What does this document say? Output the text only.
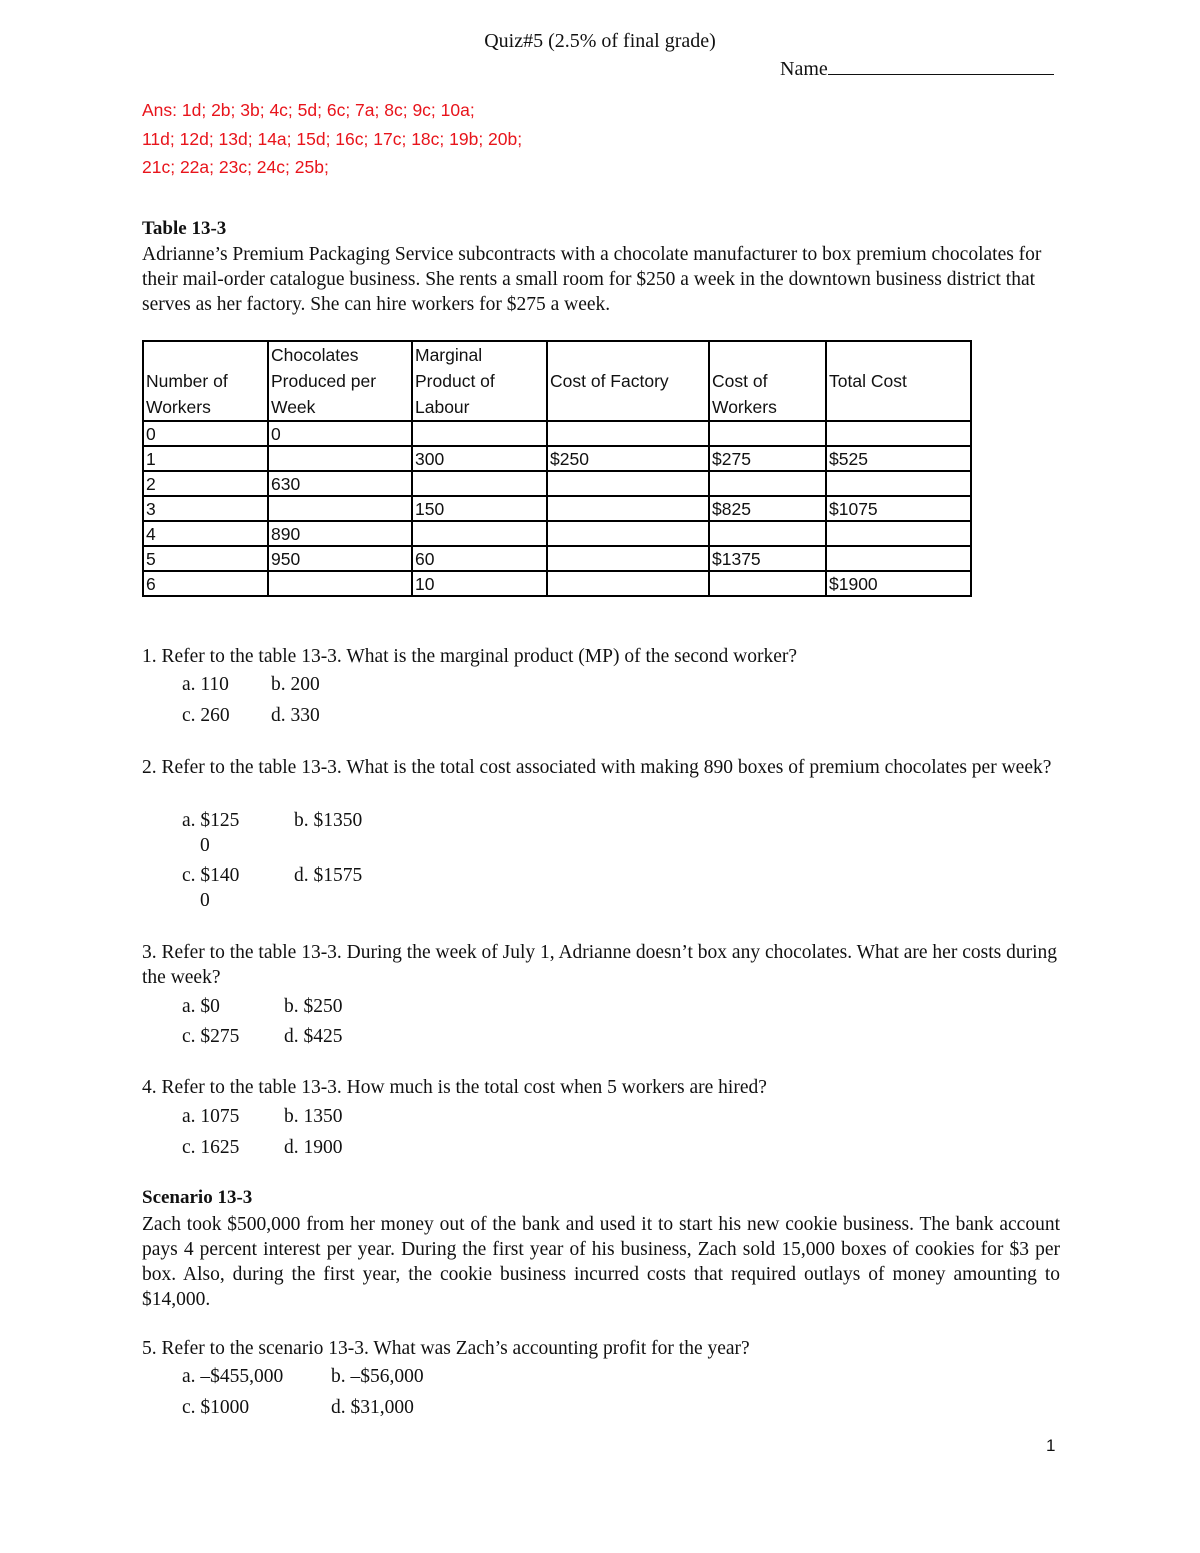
Quiz#5 (2.5% of final grade)
Name
Ans: 1d; 2b; 3b; 4c; 5d; 6c; 7a; 8c; 9c; 10a;
11d; 12d; 13d; 14a; 15d; 16c; 17c; 18c; 19b; 20b;
21c; 22a; 23c; 24c; 25b;
Table 13-3
Adrianne’s Premium Packaging Service subcontracts with a chocolate manufacturer to box premium chocolates for their mail-order catalogue business. She rents a small room for $250 a week in the downtown business district that serves as her factory. She can hire workers for $275 a week.
Number of Workers	Chocolates Produced per Week	Marginal Product of Labour	Cost of Factory	Cost of Workers	Total Cost
0	0				
1		300	$250	$275	$525
2	630				
3		150		$825	$1075
4	890				
5	950	60		$1375	
6		10			$1900
1. Refer to the table 13-3. What is the marginal product (MP) of the second worker?
a. 110 b. 200
c. 260 d. 330
2. Refer to the table 13-3. What is the total cost associated with making 890 boxes of premium chocolates per week?
a. $125
0
b. $1350
c. $140
0
d. $1575
3. Refer to the table 13-3. During the week of July 1, Adrianne doesn’t box any chocolates. What are her costs during the week?
a. $0	b. $250
c. $275 d. $425
4. Refer to the table 13-3. How much is the total cost when 5 workers are hired?
a. 1075 b. 1350
c. 1625 d. 1900
Scenario 13-3
Zach took $500,000 from her money out of the bank and used it to start his new cookie business. The bank account pays 4 percent interest per year. During the first year of his business, Zach sold 15,000 boxes of cookies for $3 per box. Also, during the first year, the cookie business incurred costs that required outlays of money amounting to $14,000.
5. Refer to the scenario 13-3. What was Zach’s accounting profit for the year?
a. –$455,000 b. –$56,000
c. $1000	d. $31,000
1
